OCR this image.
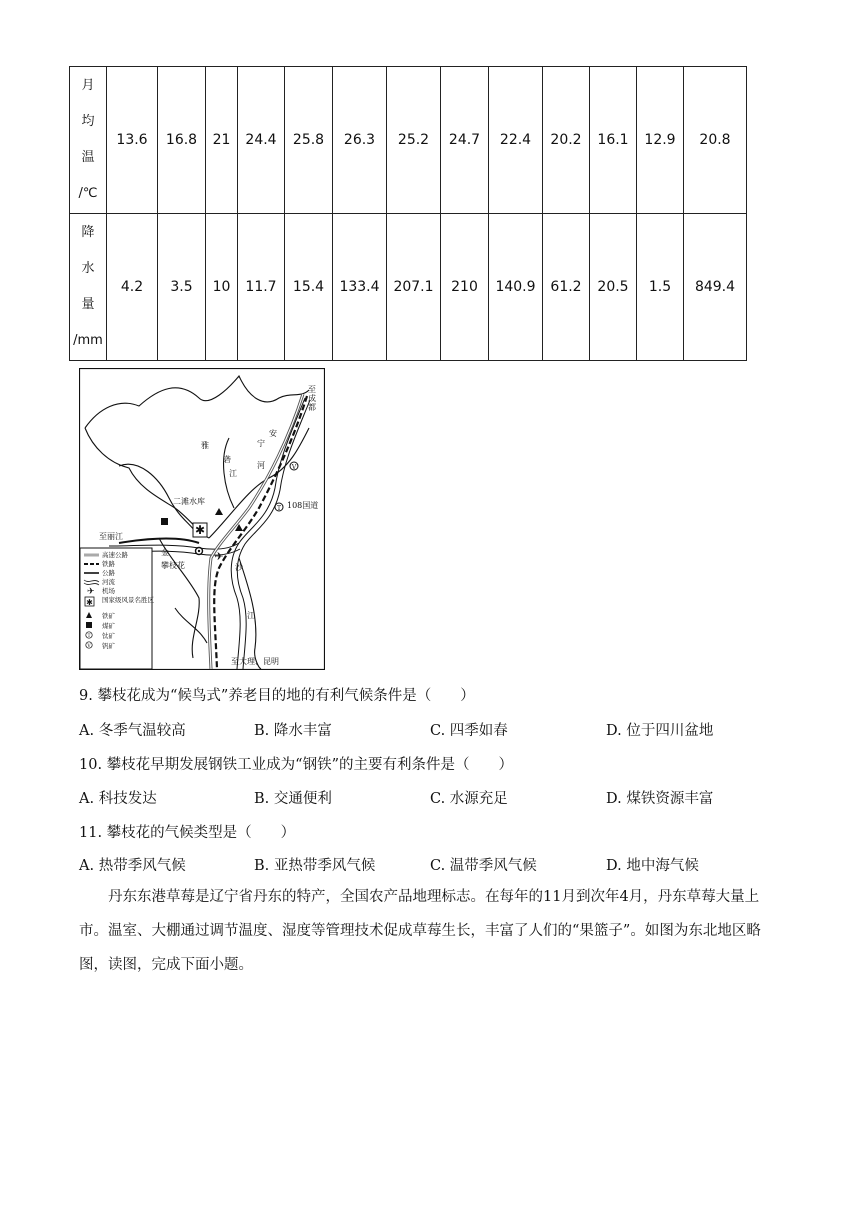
月
均
温
/℃	13.6	16.8	21	24.4	25.8	26.3	25.2	24.7	22.4	20.2	16.1	12.9	20.8
降
水
量
/mm	4.2	3.5	10	11.7	15.4	133.4	207.1	210	140.9	61.2	20.5	1.5	849.4
至
成
都
安
雅	宁
河
砻
江
二滩水库	108国道
至丽江
金
攀枝花	沙
江
至大理、昆明
✱
T
V
✈
高速公路
铁路
公路
河流
✈ 机场
✱ 国家级风景名胜区
铁矿
煤矿
T 钛矿
V 钒矿
9. 攀枝花成为“候鸟式”养老目的地的有利气候条件是（　　）
A. 冬季气温较高	B. 降水丰富	C. 四季如春	D. 位于四川盆地
10. 攀枝花早期发展钢铁工业成为“钢铁”的主要有利条件是（　　）
A. 科技发达	B. 交通便利	C. 水源充足	D. 煤铁资源丰富
11. 攀枝花的气候类型是（　　）
A. 热带季风气候	B. 亚热带季风气候	C. 温带季风气候	D. 地中海气候
丹东东港草莓是辽宁省丹东的特产，全国农产品地理标志。在每年的11月到次年4月，丹东草莓大量上市。温室、大棚通过调节温度、湿度等管理技术促成草莓生长，丰富了人们的“果篮子”。如图为东北地区略图，读图，完成下面小题。
